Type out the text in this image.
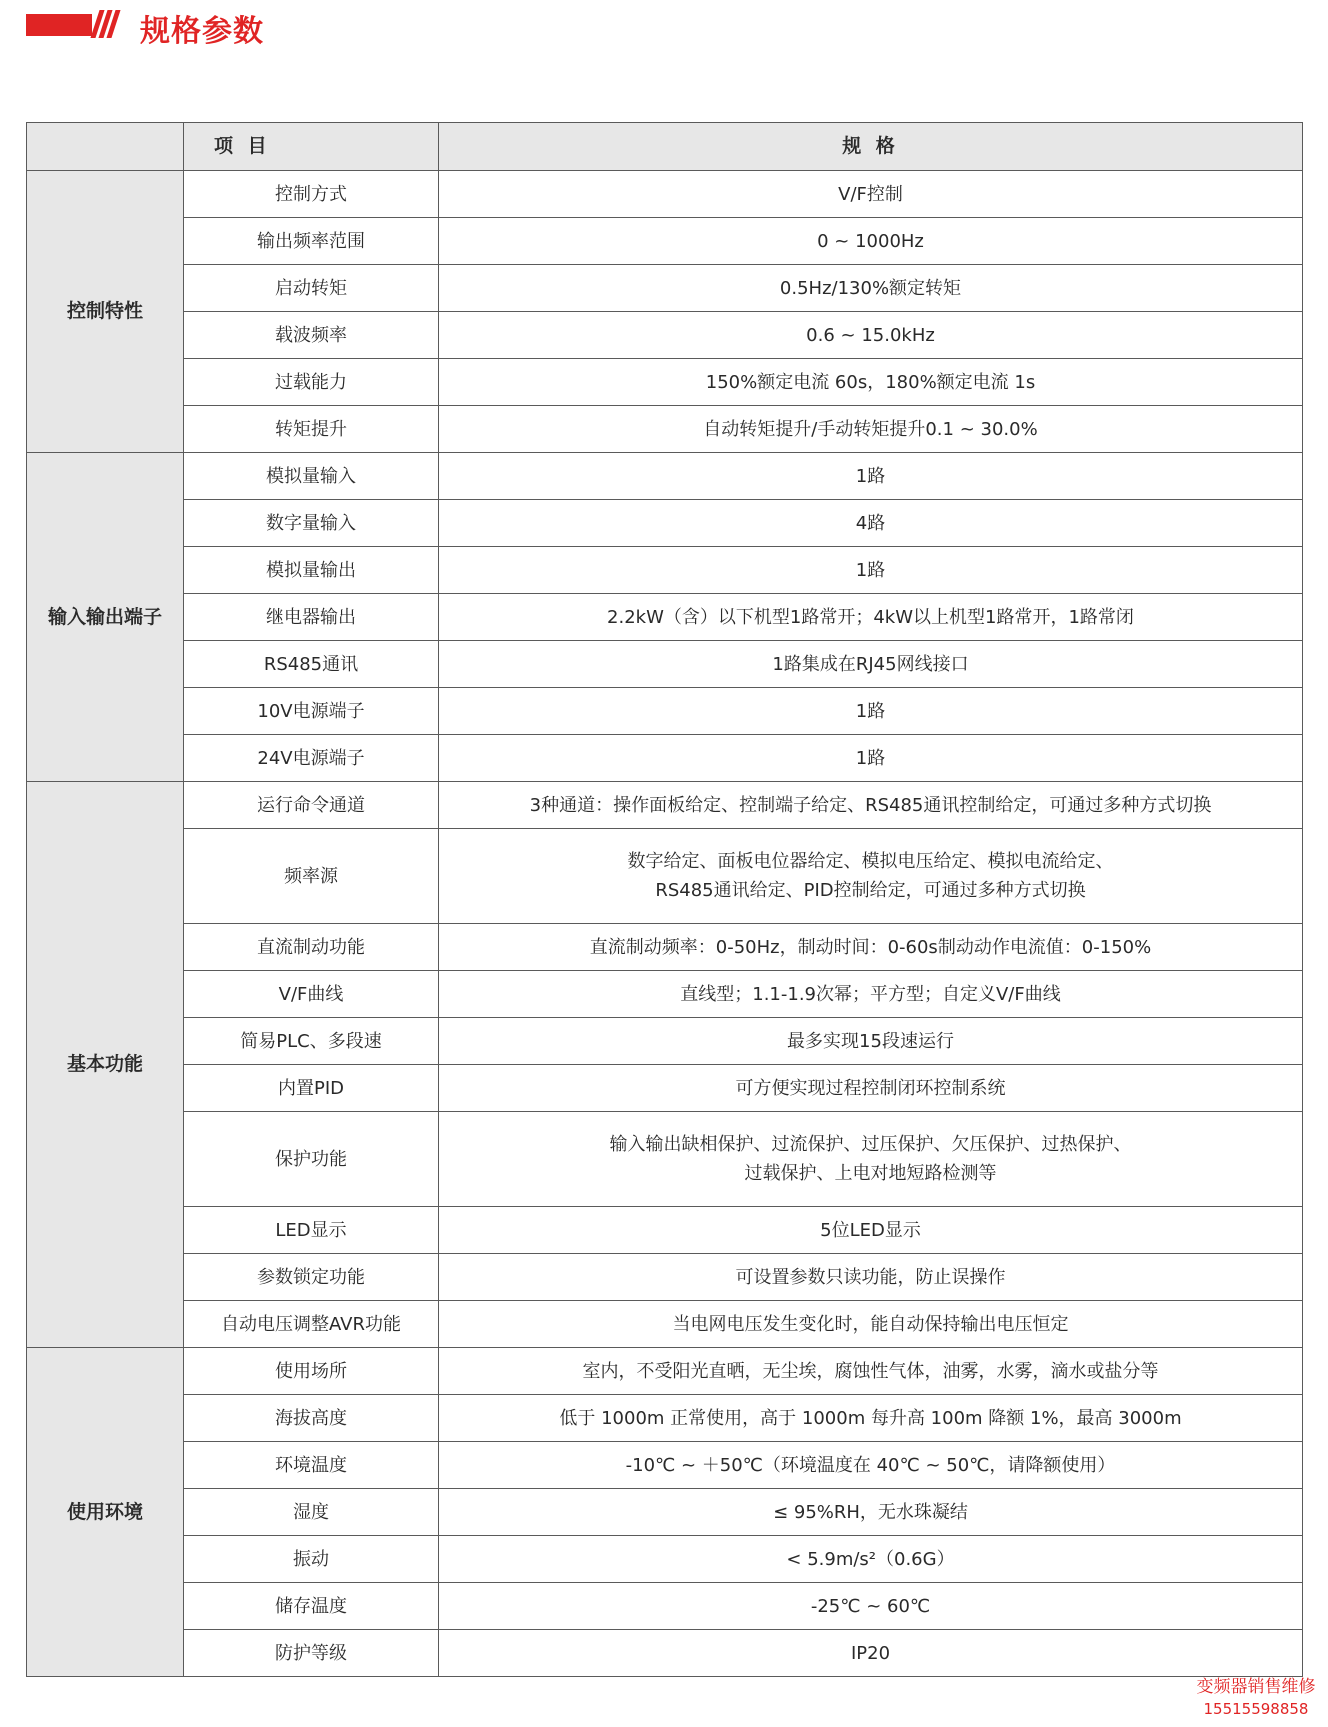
规格参数
	项 目	规 格
控制特性	控制方式	V/F控制

	输出频率范围	0 ~ 1000Hz

	启动转矩	0.5Hz/130%额定转矩

	载波频率	0.6 ~ 15.0kHz

	过载能力	150%额定电流 60s，180%额定电流 1s

	转矩提升	自动转矩提升/手动转矩提升0.1 ~ 30.0%

输入输出端子	模拟量输入	1路

	数字量输入	4路

	模拟量输出	1路

	继电器输出	2.2kW（含）以下机型1路常开；4kW以上机型1路常开，1路常闭

	RS485通讯	1路集成在RJ45网线接口

	10V电源端子	1路

	24V电源端子	1路

基本功能	运行命令通道	3种通道：操作面板给定、控制端子给定、RS485通讯控制给定，可通过多种方式切换

	频率源	数字给定、面板电位器给定、模拟电压给定、模拟电流给定、
RS485通讯给定、PID控制给定，可通过多种方式切换

	直流制动功能	直流制动频率：0-50Hz，制动时间：0-60s制动动作电流值：0-150%

	V/F曲线	直线型；1.1-1.9次幂；平方型；自定义V/F曲线

	简易PLC、多段速	最多实现15段速运行

	内置PID	可方便实现过程控制闭环控制系统

	保护功能	输入输出缺相保护、过流保护、过压保护、欠压保护、过热保护、
过载保护、上电对地短路检测等

	LED显示	5位LED显示

	参数锁定功能	可设置参数只读功能，防止误操作

	自动电压调整AVR功能	当电网电压发生变化时，能自动保持输出电压恒定

使用环境	使用场所	室内，不受阳光直晒，无尘埃，腐蚀性气体，油雾，水雾，滴水或盐分等

	海拔高度	低于 1000m 正常使用，高于 1000m 每升高 100m 降额 1%，最高 3000m

	环境温度	-10℃ ~ ＋50℃（环境温度在 40℃ ~ 50℃，请降额使用）

	湿度	≤ 95%RH，无水珠凝结

	振动	< 5.9m/s²（0.6G）

	储存温度	-25℃ ~ 60℃

	防护等级	IP20
变频器销售维修
15515598858
